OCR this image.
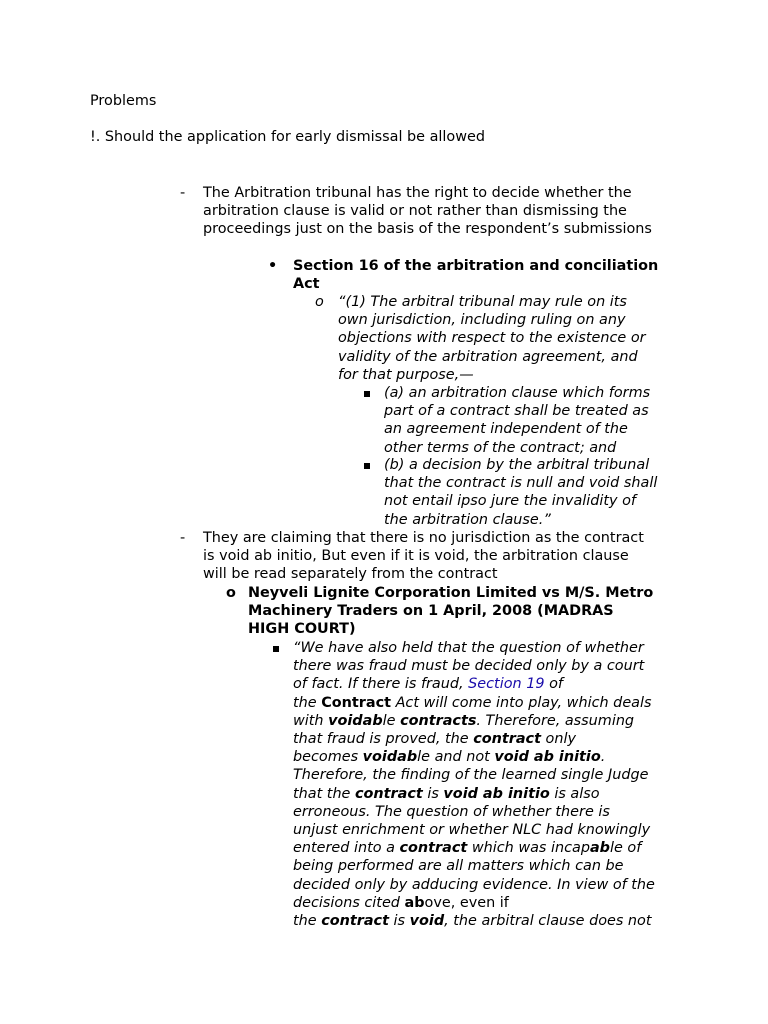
Problems
!. Should the application for early dismissal be allowed
- The Arbitration tribunal has the right to decide whether the
arbitration clause is valid or not rather than dismissing the
proceedings just on the basis of the respondent’s submissions
• Section 16 of the arbitration and conciliation
Act
o “(1) The arbitral tribunal may rule on its
own jurisdiction, including ruling on any
objections with respect to the existence or
validity of the arbitration agreement, and
for that purpose,—
(a) an arbitration clause which forms
part of a contract shall be treated as
an agreement independent of the
other terms of the contract; and
(b) a decision by the arbitral tribunal
that the contract is null and void shall
not entail ipso jure the invalidity of
the arbitration clause.”
- They are claiming that there is no jurisdiction as the contract
is void ab initio, But even if it is void, the arbitration clause
will be read separately from the contract
o Neyveli Lignite Corporation Limited vs M/S. Metro
Machinery Traders on 1 April, 2008 (MADRAS
HIGH COURT)
“We have also held that the question of whether
there was fraud must be decided only by a court
of fact. If there is fraud, Section 19 of
the Contract Act will come into play, which deals
with voidable contracts. Therefore, assuming
that fraud is proved, the contract only
becomes voidable and not void ab initio.
Therefore, the finding of the learned single Judge
that the contract is void ab initio is also
erroneous. The question of whether there is
unjust enrichment or whether NLC had knowingly
entered into a contract which was incapable of
being performed are all matters which can be
decided only by adducing evidence. In view of the
decisions cited above, even if
the contract is void, the arbitral clause does not
